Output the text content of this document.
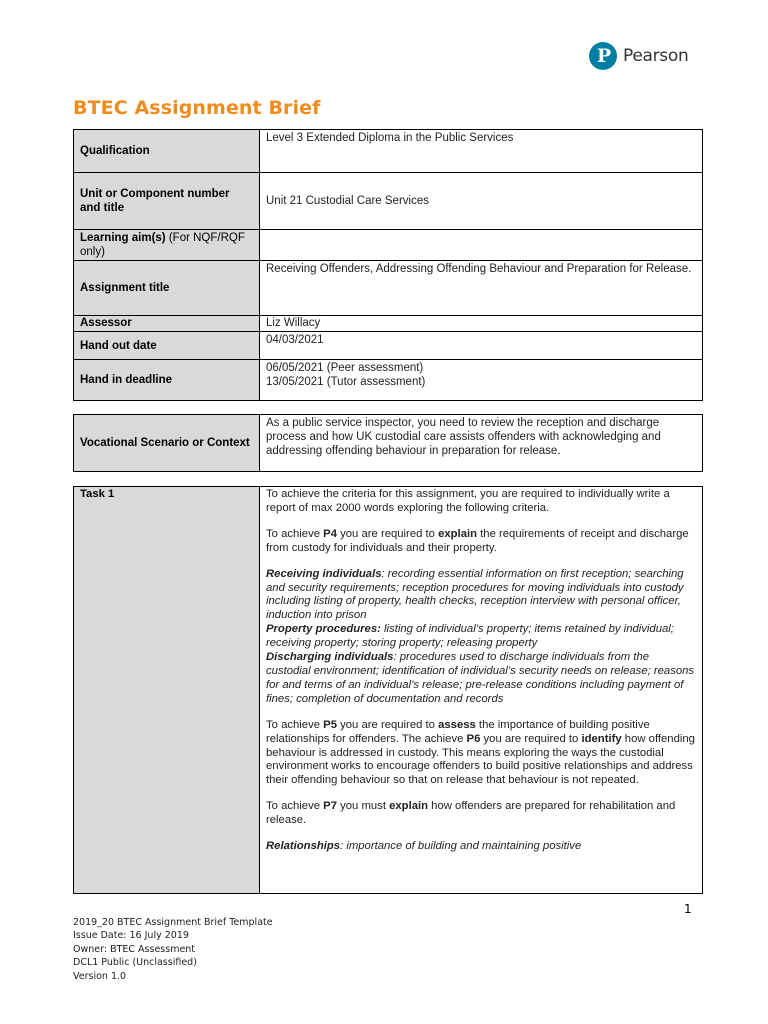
P Pearson
BTEC Assignment Brief
Qualification	Level 3 Extended Diploma in the Public Services
Unit or Component number and title	Unit 21 Custodial Care Services
Learning aim(s) (For NQF/RQF only)	
Assignment title	Receiving Offenders, Addressing Offending Behaviour and Preparation for Release.
Assessor	Liz Willacy
Hand out date	04/03/2021
Hand in deadline	06/05/2021 (Peer assessment)
13/05/2021 (Tutor assessment)
Vocational Scenario or Context	As a public service inspector, you need to review the reception and discharge process and how UK custodial care assists offenders with acknowledging and addressing offending behaviour in preparation for release.
Task 1	To achieve the criteria for this assignment, you are required to individually write a report of max 2000 words exploring the following criteria.

To achieve P4 you are required to explain the requirements of receipt and discharge from custody for individuals and their property.

Receiving individuals: recording essential information on first reception; searching and security requirements; reception procedures for moving individuals into custody including listing of property, health checks, reception interview with personal officer, induction into prison

Property procedures: listing of individual’s property; items retained by individual; receiving property; storing property; releasing property

Discharging individuals: procedures used to discharge individuals from the custodial environment; identification of individual’s security needs on release; reasons for and terms of an individual’s release; pre-release conditions including payment of fines; completion of documentation and records

To achieve P5 you are required to assess the importance of building positive relationships for offenders. The achieve P6 you are required to identify how offending behaviour is addressed in custody. This means exploring the ways the custodial environment works to encourage offenders to build positive relationships and address their offending behaviour so that on release that behaviour is not repeated.

To achieve P7 you must explain how offenders are prepared for rehabilitation and release.

Relationships: importance of building and maintaining positive

1
2019_20 BTEC Assignment Brief Template
Issue Date: 16 July 2019
Owner: BTEC Assessment
DCL1 Public (Unclassified)
Version 1.0
